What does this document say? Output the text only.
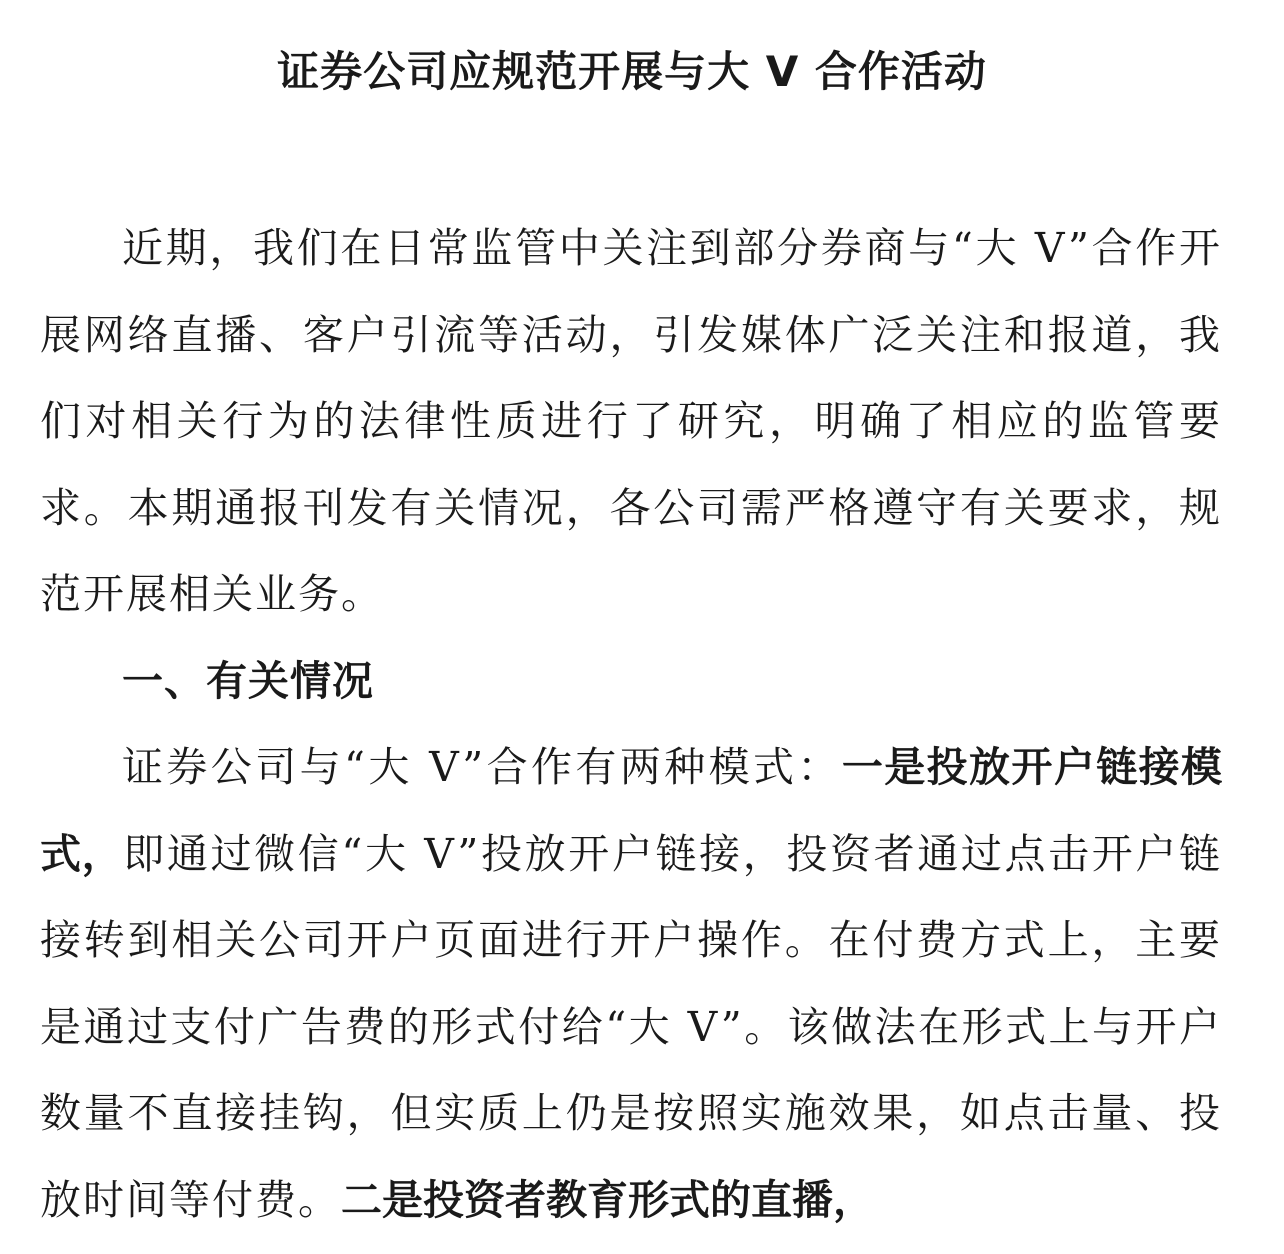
证券公司应规范开展与大 V 合作活动

近期，我们在日常监管中关注到部分券商与“大 V”合作开展网络直播、客户引流等活动，引发媒体广泛关注和报道，我们对相关行为的法律性质进行了研究，明确了相应的监管要求。本期通报刊发有关情况，各公司需严格遵守有关要求，规范开展相关业务。

一、有关情况

证券公司与“大 V”合作有两种模式：一是投放开户链接模式，即通过微信“大 V”投放开户链接，投资者通过点击开户链接转到相关公司开户页面进行开户操作。在付费方式上，主要是通过支付广告费的形式付给“大 V”。该做法在形式上与开户数量不直接挂钩，但实质上仍是按照实施效果，如点击量、投放时间等付费。二是投资者教育形式的直播，
